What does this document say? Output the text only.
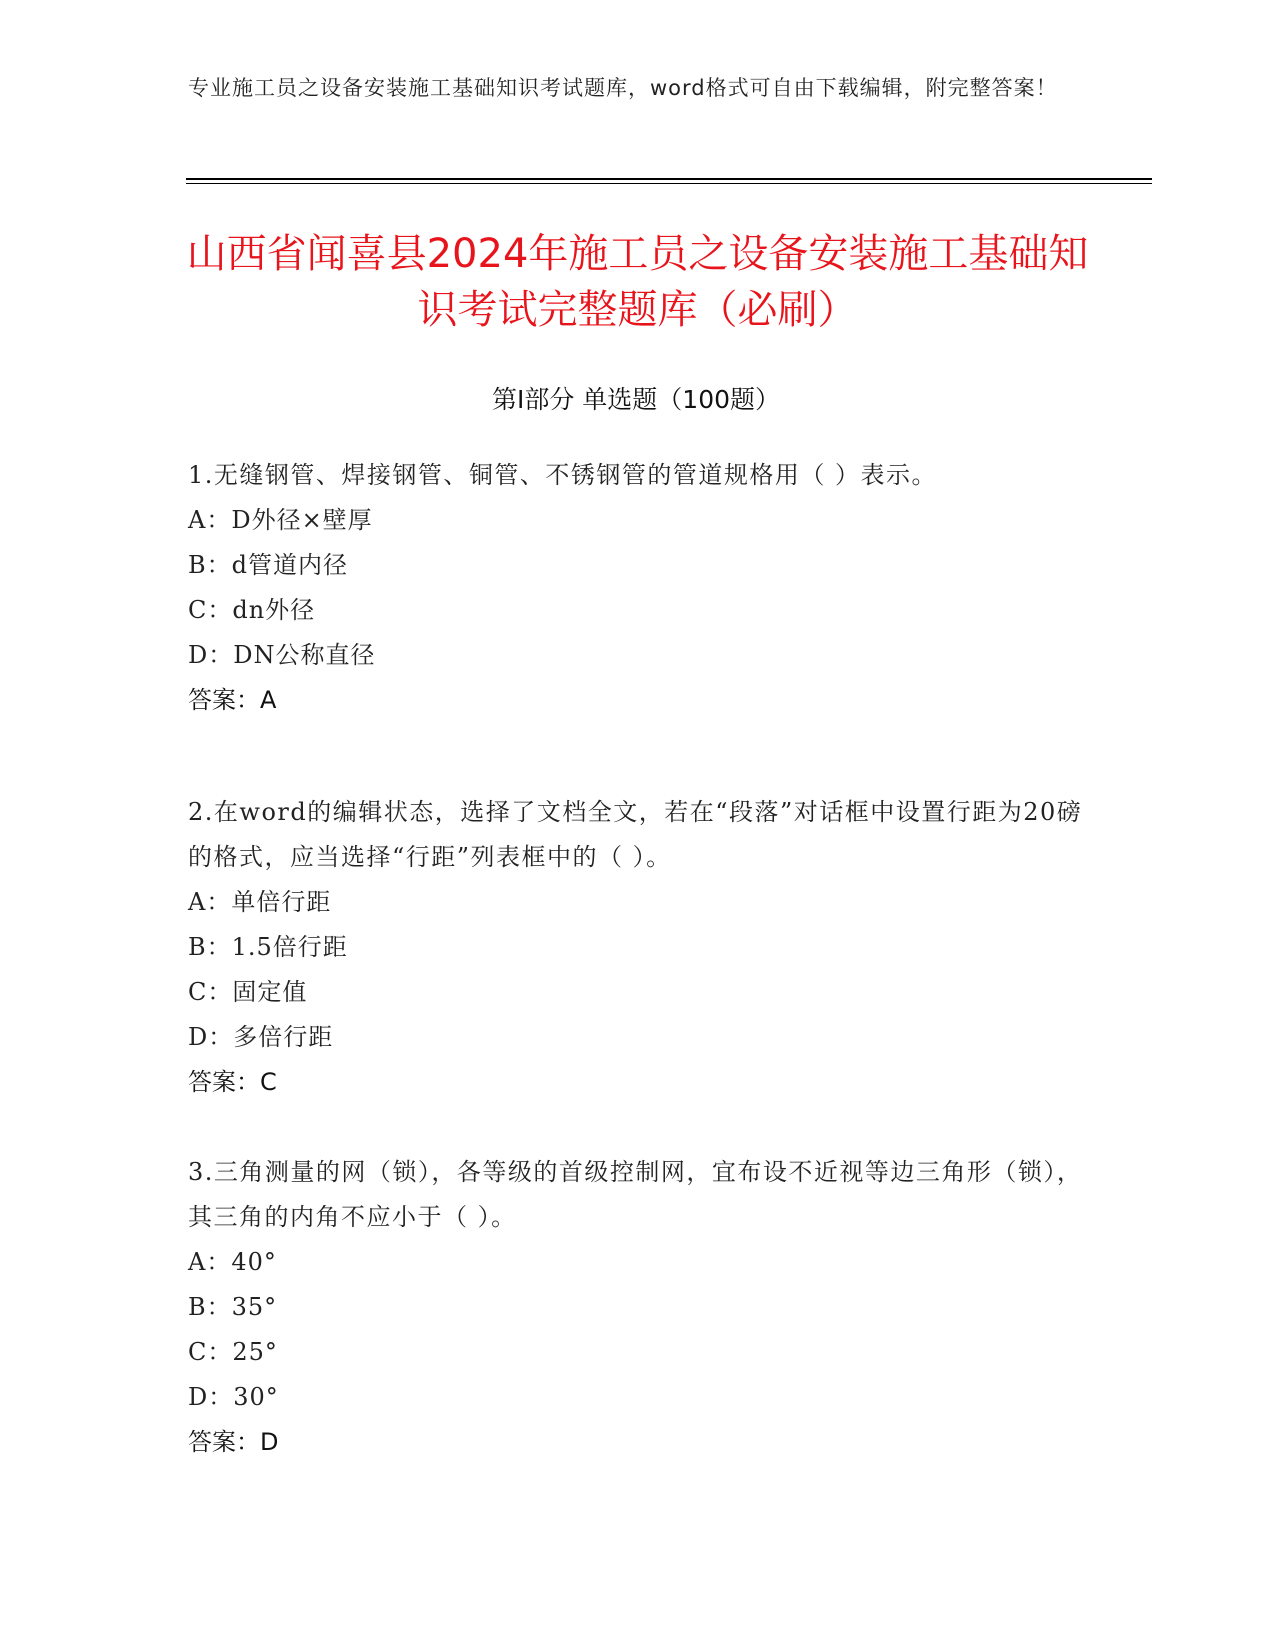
专业施工员之设备安装施工基础知识考试题库，word格式可自由下载编辑，附完整答案！
山西省闻喜县2024年施工员之设备安装施工基础知识考试完整题库（必刷）
第Ⅰ部分 单选题（100题）
1.无缝钢管、焊接钢管、铜管、不锈钢管的管道规格用（ ）表示。
A：D外径×壁厚
B：d管道内径
C：dn外径
D：DN公称直径
答案：A
2.在word的编辑状态，选择了文档全文，若在“段落”对话框中设置行距为20磅的格式，应当选择“行距”列表框中的（ ）。
A：单倍行距
B：1.5倍行距
C：固定值
D：多倍行距
答案：C
3.三角测量的网（锁），各等级的首级控制网，宜布设不近视等边三角形（锁），其三角的内角不应小于（ ）。
A：40°
B：35°
C：25°
D：30°
答案：D
